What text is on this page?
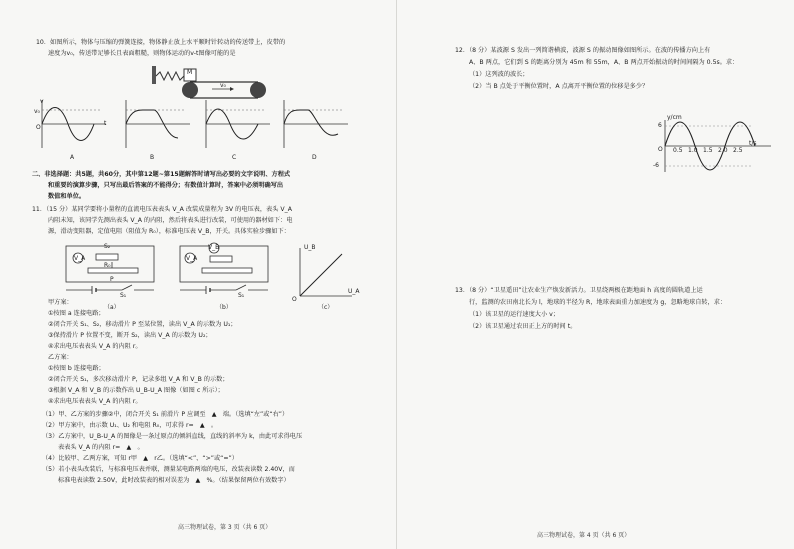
10．如图所示，物体与压缩的弹簧连接，物体静止放上水平顺时针转动的传送带上，皮带的
速度为v₀，传送带足够长且表面粗糙，则物体运动的v-t图像可能的是
M
v₀
v
v₀
t
O
A	B	C	D
二、非选择题：共5题，共60分，其中第12题~第15题解答时请写出必要的文字说明、方程式
和重要的演算步骤，只写出最后答案的不能得分；有数值计算时，答案中必须明确写出
数值和单位。
11．（15 分）某同学要将小量程的直流电压表表头 V_A 改装成量程为 3V 的电压表，表头 V_A
内阻未知，该同学先测出表头 V_A 的内阻，然后将表头进行改装，可使用的器材如下：电
源，滑动变阻器，定值电阻（阻值为 R₀），标准电压表 V_B，开关。具体实验步骤如下：
V_A
S₂
R₀
P
S₁
（a）
V_A
V_B
S₁
（b）
U_B
U_A
O
（c）
甲方案：
①按图 a 连接电路；
②闭合开关 S₁、S₂，移动滑片 P 至某位置，读出 V_A 的示数为 U₁；
③保持滑片 P 位置不变，断开 S₂，读出 V_A 的示数为 U₂；
④求出电压表表头 V_A 的内阻 r。
乙方案：
①按图 b 连接电路；
②闭合开关 S₁，多次移动滑片 P，记录多组 V_A 和 V_B 的示数；
③根据 V_A 和 V_B 的示数作出 U_B-U_A 图像（如图 c 所示）；
④求出电压表表头 V_A 的内阻 r。
（1）甲、乙方案的步骤②中，闭合开关 S₁ 前滑片 P 应调至　▲　端。（选填“左”或“右”）
（2）甲方案中，由示数 U₁、U₂ 和电阻 R₀，可求得 r=　▲　。
（3）乙方案中，U_B-U_A 的图像是一条过原点的倾斜直线，直线的斜率为 k，由此可求得电压
表表头 V_A 的内阻 r=　▲　。
（4）比较甲、乙两方案，可知 r甲　▲　r乙。（选填“<”、“>”或“=”）
（5）若小表头改装后，与标准电压表并联，测量某电路两端的电压，改装表读数 2.40V，而
标准电表读数 2.50V，此时改装表的相对误差为　▲　%。（结果保留两位有效数字）
高三物理试卷，第 3 页（共 6 页）
12．（8 分）某波源 S 发出一列简谐横波，波源 S 的振动图像如图所示。在波的传播方向上有
A、B 两点，它们到 S 的距离分别为 45m 和 55m，A、B 两点开始振动的时间间隔为 0.5s。求：
（1）这列波的波长；
（2）当 B 点处于平衡位置时，A 点离开平衡位置的位移是多少？
y/cm
6
-6
O 0.5 1.0 1.5 2.0 2.5
t/s
13．（8 分）“卫星遥田”让农业生产焕发新活力。卫星绕两极在距地面 h 高度的圆轨道上运
行，监测的农田南北长为 l，地球的半径为 R，地球表面重力加速度为 g，忽略地球自转，求：
（1）该卫星的运行速度大小 v；
（2）该卫星通过农田正上方的时间 t。
高三物理试卷，第 4 页（共 6 页）
